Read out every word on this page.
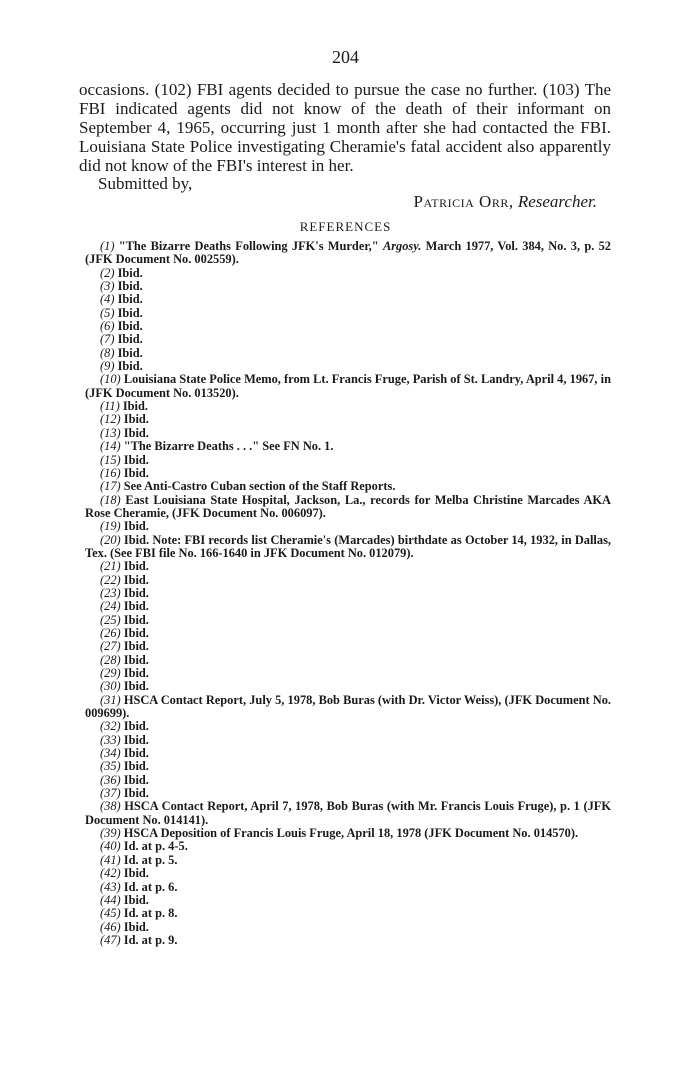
204

occasions. (102) FBI agents decided to pursue the case no further. (103) The FBI indicated agents did not know of the death of their informant on September 4, 1965, occurring just 1 month after she had contacted the FBI. Louisiana State Police investigating Cheramie's fatal accident also apparently did not know of the FBI's interest in her.

Submitted by,
Patricia Orr, Researcher.
REFERENCES

(1) "The Bizarre Deaths Following JFK's Murder," Argosy. March 1977, Vol. 384, No. 3, p. 52 (JFK Document No. 002559).

(2) Ibid.

(3) Ibid.

(4) Ibid.

(5) Ibid.

(6) Ibid.

(7) Ibid.

(8) Ibid.

(9) Ibid.

(10) Louisiana State Police Memo, from Lt. Francis Fruge, Parish of St. Landry, April 4, 1967, in (JFK Document No. 013520).

(11) Ibid.

(12) Ibid.

(13) Ibid.

(14) "The Bizarre Deaths . . ." See FN No. 1.

(15) Ibid.

(16) Ibid.

(17) See Anti-Castro Cuban section of the Staff Reports.

(18) East Louisiana State Hospital, Jackson, La., records for Melba Christine Marcades AKA Rose Cheramie, (JFK Document No. 006097).

(19) Ibid.

(20) Ibid. Note: FBI records list Cheramie's (Marcades) birthdate as October 14, 1932, in Dallas, Tex. (See FBI file No. 166-1640 in JFK Document No. 012079).

(21) Ibid.

(22) Ibid.

(23) Ibid.

(24) Ibid.

(25) Ibid.

(26) Ibid.

(27) Ibid.

(28) Ibid.

(29) Ibid.

(30) Ibid.

(31) HSCA Contact Report, July 5, 1978, Bob Buras (with Dr. Victor Weiss), (JFK Document No. 009699).

(32) Ibid.

(33) Ibid.

(34) Ibid.

(35) Ibid.

(36) Ibid.

(37) Ibid.

(38) HSCA Contact Report, April 7, 1978, Bob Buras (with Mr. Francis Louis Fruge), p. 1 (JFK Document No. 014141).

(39) HSCA Deposition of Francis Louis Fruge, April 18, 1978 (JFK Document No. 014570).

(40) Id. at p. 4-5.

(41) Id. at p. 5.

(42) Ibid.

(43) Id. at p. 6.

(44) Ibid.

(45) Id. at p. 8.

(46) Ibid.

(47) Id. at p. 9.
